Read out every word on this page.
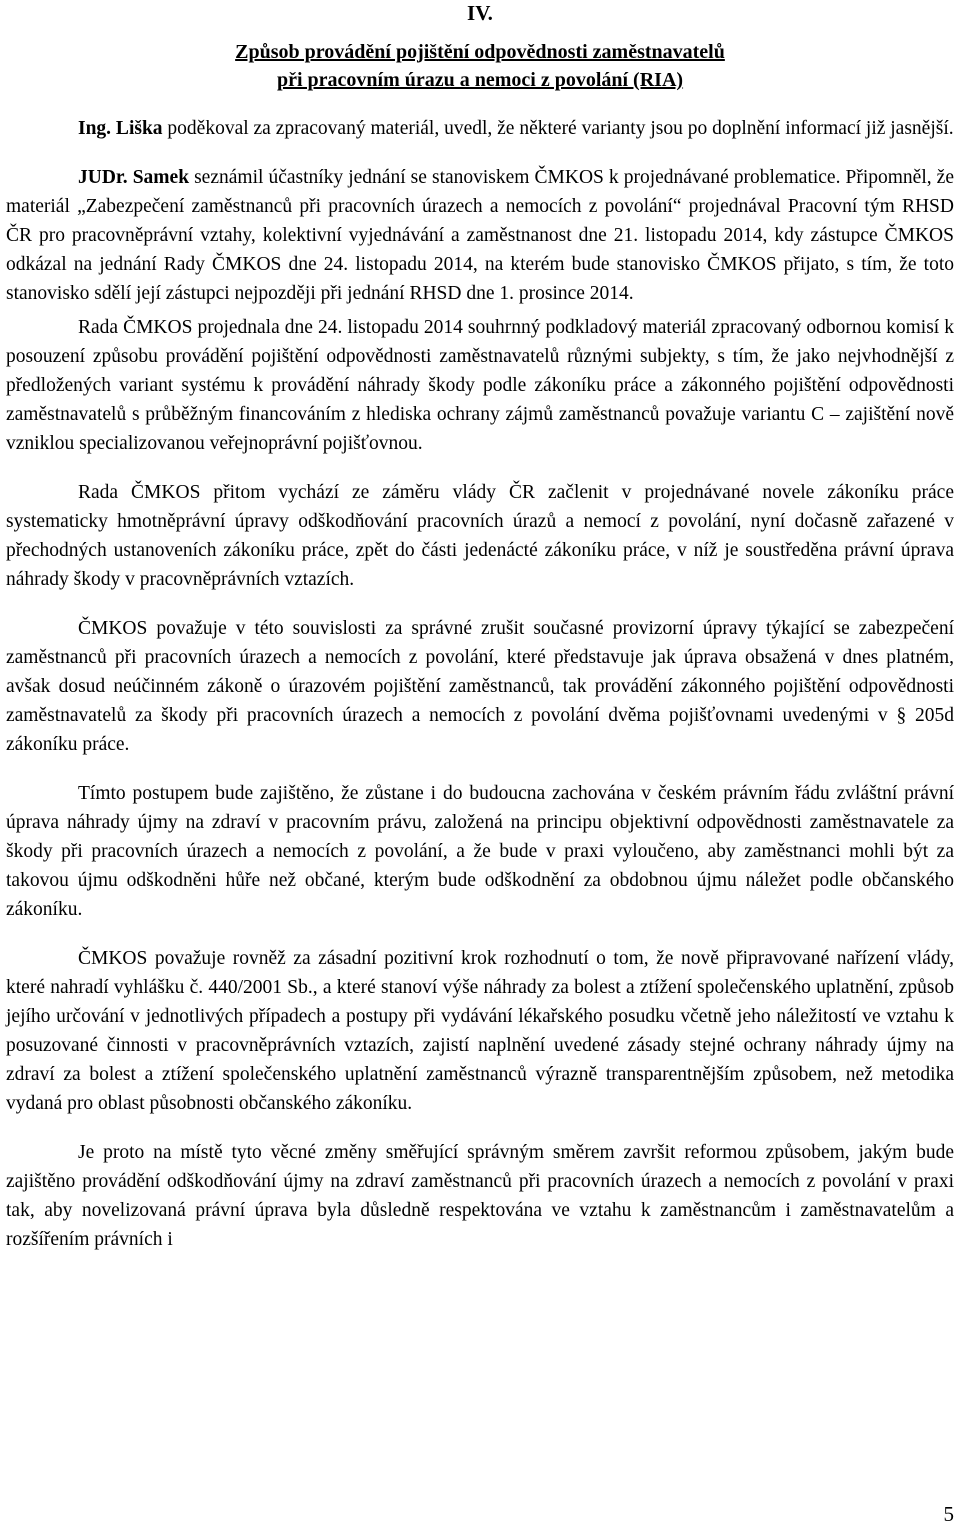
IV.

Způsob provádění pojištění odpovědnosti zaměstnavatelů
při pracovním úrazu a nemoci z povolání (RIA)

Ing. Liška poděkoval za zpracovaný materiál, uvedl, že některé varianty jsou po doplnění informací již jasnější.

JUDr. Samek seznámil účastníky jednání se stanoviskem ČMKOS k projednávané problematice. Připomněl, že materiál „Zabezpečení zaměstnanců při pracovních úrazech a nemocích z povolání“ projednával Pracovní tým RHSD ČR pro pracovněprávní vztahy, kolektivní vyjednávání a zaměstnanost dne 21. listopadu 2014, kdy zástupce ČMKOS odkázal na jednání Rady ČMKOS dne 24. listopadu 2014, na kterém bude stanovisko ČMKOS přijato, s tím, že toto stanovisko sdělí její zástupci nejpozději při jednání RHSD dne 1. prosince 2014.

Rada ČMKOS projednala dne 24. listopadu 2014 souhrnný podkladový materiál zpracovaný odbornou komisí k posouzení způsobu provádění pojištění odpovědnosti zaměstnavatelů různými subjekty, s tím, že jako nejvhodnější z předložených variant systému k provádění náhrady škody podle zákoníku práce a zákonného pojištění odpovědnosti zaměstnavatelů s průběžným financováním z hlediska ochrany zájmů zaměstnanců považuje variantu C – zajištění nově vzniklou specializovanou veřejnoprávní pojišťovnou.

Rada ČMKOS přitom vychází ze záměru vlády ČR začlenit v projednávané novele zákoníku práce systematicky hmotněprávní úpravy odškodňování pracovních úrazů a nemocí z povolání, nyní dočasně zařazené v přechodných ustanoveních zákoníku práce, zpět do části jedenácté zákoníku práce, v níž je soustředěna právní úprava náhrady škody v pracovněprávních vztazích.

ČMKOS považuje v této souvislosti za správné zrušit současné provizorní úpravy týkající se zabezpečení zaměstnanců při pracovních úrazech a nemocích z povolání, které představuje jak úprava obsažená v dnes platném, avšak dosud neúčinném zákoně o úrazovém pojištění zaměstnanců, tak provádění zákonného pojištění odpovědnosti zaměstnavatelů za škody při pracovních úrazech a nemocích z povolání dvěma pojišťovnami uvedenými v § 205d zákoníku práce.

Tímto postupem bude zajištěno, že zůstane i do budoucna zachována v českém právním řádu zvláštní právní úprava náhrady újmy na zdraví v pracovním právu, založená na principu objektivní odpovědnosti zaměstnavatele za škody při pracovních úrazech a nemocích z povolání, a že bude v praxi vyloučeno, aby zaměstnanci mohli být za takovou újmu odškodněni hůře než občané, kterým bude odškodnění za obdobnou újmu náležet podle občanského zákoníku.

ČMKOS považuje rovněž za zásadní pozitivní krok rozhodnutí o tom, že nově připravované nařízení vlády, které nahradí vyhlášku č. 440/2001 Sb., a které stanoví výše náhrady za bolest a ztížení společenského uplatnění, způsob jejího určování v jednotlivých případech a postupy při vydávání lékařského posudku včetně jeho náležitostí ve vztahu k posuzované činnosti v pracovněprávních vztazích, zajistí naplnění uvedené zásady stejné ochrany náhrady újmy na zdraví za bolest a ztížení společenského uplatnění zaměstnanců výrazně transparentnějším způsobem, než metodika vydaná pro oblast působnosti občanského zákoníku.

Je proto na místě tyto věcné změny směřující správným směrem završit reformou způsobem, jakým bude zajištěno provádění odškodňování újmy na zdraví zaměstnanců při pracovních úrazech a nemocích z povolání v praxi tak, aby novelizovaná právní úprava byla důsledně respektována ve vztahu k zaměstnancům i zaměstnavatelům a rozšířením právních i

5
